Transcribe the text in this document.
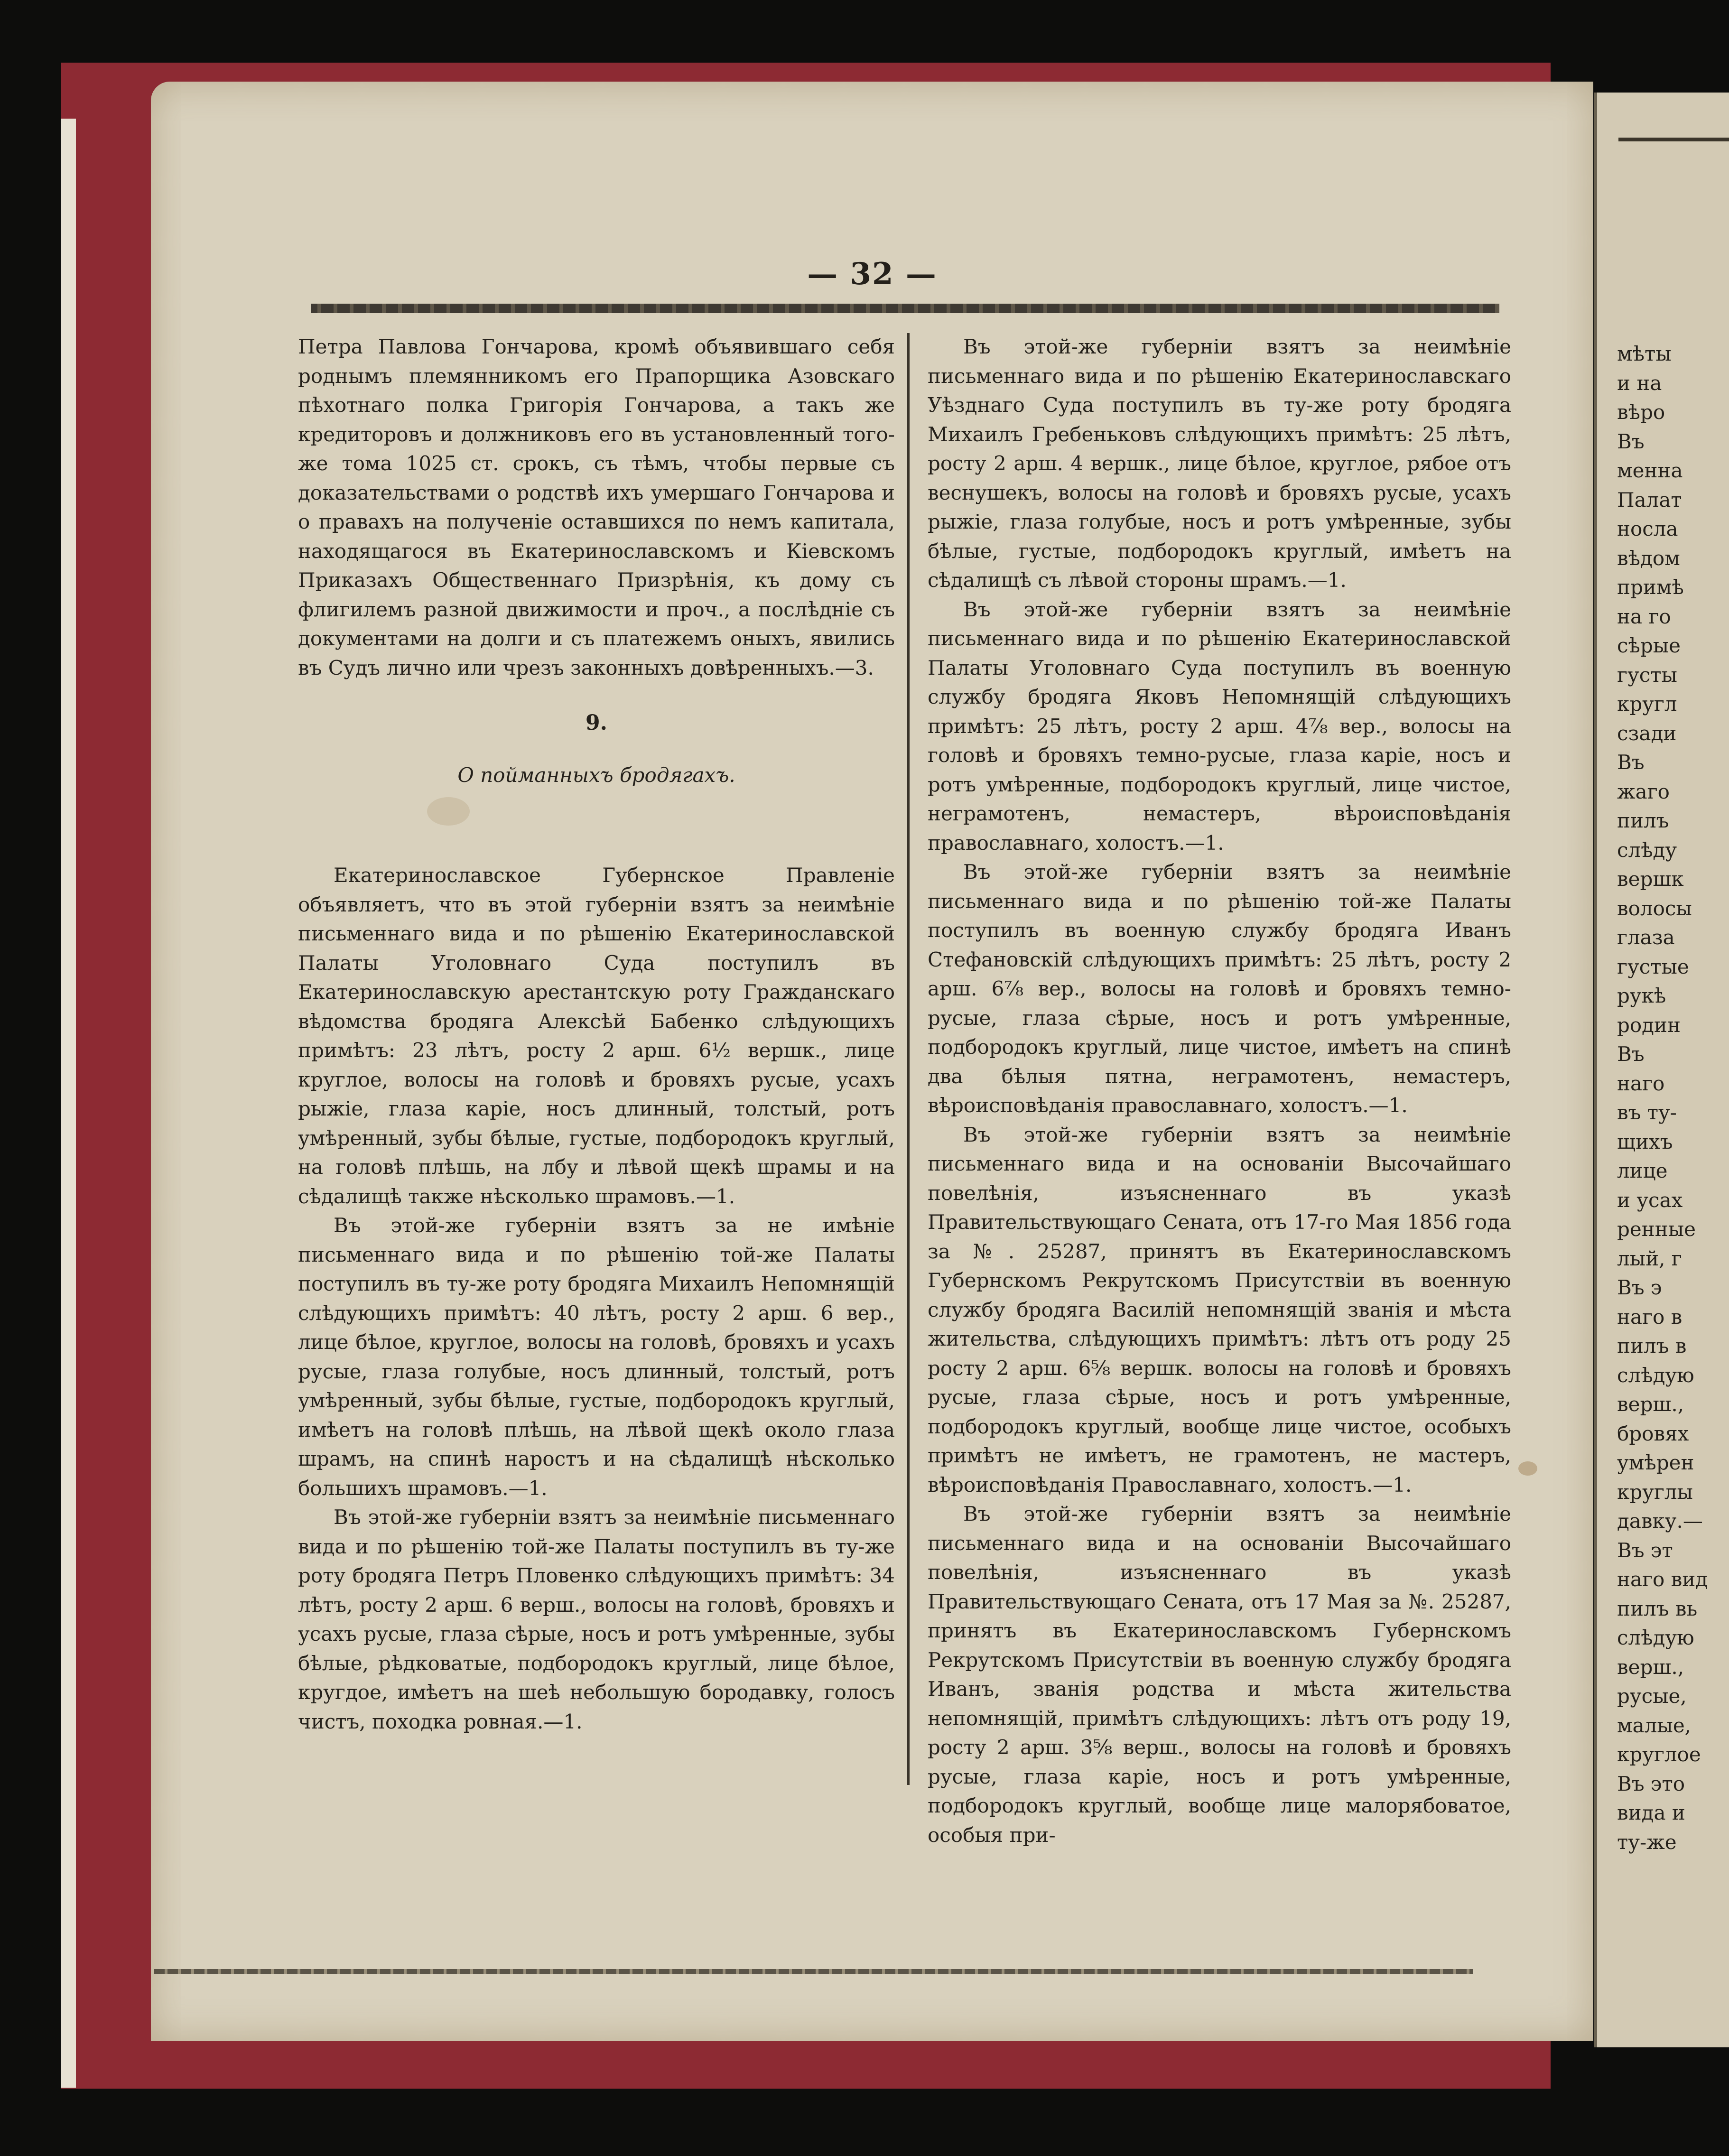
мѣты
и на
вѣро
Въ
менна
Палат
носла
вѣдом
примѣ
на го
сѣрые
густы
кругл
сзади
Въ
жаго
пилъ
слѣду
вершк
волосы
глаза
густые
рукѣ
родин
Въ
наго
въ ту-
щихъ
лице
и усах
ренные
лый, г
Въ э
наго в
пилъ в
слѣдую
верш.,
бровях
умѣрен
круглы
давку.—
Въ эт
наго вид
пилъ вь
слѣдую
верш.,
русые,
малые,
круглое
Въ это
вида и
ту-же
— 32 —

Петра Павлова Гончарова, кромѣ объявившаго себя роднымъ племянникомъ его Прапорщика Азовскаго пѣхотнаго полка Григорія Гончарова, а такъ же кредиторовъ и должниковъ его въ установленный того-же тома 1025 ст. срокъ, съ тѣмъ, чтобы первые съ доказательствами о родствѣ ихъ умершаго Гончарова и о правахъ на полученіе оставшихся по немъ капитала, находящагося въ Екатеринославскомъ и Кіевскомъ Приказахъ Общественнаго Призрѣнія, къ дому съ флигилемъ разной движимости и проч., а послѣдніе съ документами на долги и съ платежемъ оныхъ, явились въ Судъ лично или чрезъ законныхъ довѣренныхъ.—3.

9.

О пойманныхъ бродягахъ.

Екатеринославское Губернское Правленіе объявляетъ, что въ этой губерніи взятъ за неимѣніе письменнаго вида и по рѣшенію Екатеринославской Палаты Уголовнаго Суда поступилъ въ Екатеринославскую арестантскую роту Гражданскаго вѣдомства бродяга Алексѣй Бабенко слѣдующихъ примѣтъ: 23 лѣтъ, росту 2 арш. 6½ вершк., лице круглое, волосы на головѣ и бровяхъ русые, усахъ рыжіе, глаза каріе, носъ длинный, толстый, ротъ умѣренный, зубы бѣлые, густые, подбородокъ круглый, на головѣ плѣшь, на лбу и лѣвой щекѣ шрамы и на сѣдалищѣ также нѣсколько шрамовъ.—1.

Въ этой-же губерніи взятъ за не имѣніе письменнаго вида и по рѣшенію той-же Палаты поступилъ въ ту-же роту бродяга Михаилъ Непомнящій слѣдующихъ примѣтъ: 40 лѣтъ, росту 2 арш. 6 вер., лице бѣлое, круглое, волосы на головѣ, бровяхъ и усахъ русые, глаза голубые, носъ длинный, толстый, ротъ умѣренный, зубы бѣлые, густые, подбородокъ круглый, имѣетъ на головѣ плѣшь, на лѣвой щекѣ около глаза шрамъ, на спинѣ наростъ и на сѣдалищѣ нѣсколько большихъ шрамовъ.—1.

Въ этой-же губерніи взятъ за неимѣніе письменнаго вида и по рѣшенію той-же Палаты поступилъ въ ту-же роту бродяга Петръ Пловенко слѣдующихъ примѣтъ: 34 лѣтъ, росту 2 арш. 6 верш., волосы на головѣ, бровяхъ и усахъ русые, глаза сѣрые, носъ и ротъ умѣренные, зубы бѣлые, рѣдковатые, подбородокъ круглый, лице бѣлое, кругдое, имѣетъ на шеѣ небольшую бородавку, голосъ чистъ, походка ровная.—1.

Въ этой-же губерніи взятъ за неимѣніе письменнаго вида и по рѣшенію Екатеринославскаго Уѣзднаго Суда поступилъ въ ту-же роту бродяга Михаилъ Гребеньковъ слѣдующихъ примѣтъ: 25 лѣтъ, росту 2 арш. 4 вершк., лице бѣлое, круглое, рябое отъ веснушекъ, волосы на головѣ и бровяхъ русые, усахъ рыжіе, глаза голубые, носъ и ротъ умѣренные, зубы бѣлые, густые, подбородокъ круглый, имѣетъ на сѣдалищѣ съ лѣвой стороны шрамъ.—1.

Въ этой-же губерніи взятъ за неимѣніе письменнаго вида и по рѣшенію Екатеринославской Палаты Уголовнаго Суда поступилъ въ военную службу бродяга Яковъ Непомнящій слѣдующихъ примѣтъ: 25 лѣтъ, росту 2 арш. 4⅞ вер., волосы на головѣ и бровяхъ темно-русые, глаза каріе, носъ и ротъ умѣренные, подбородокъ круглый, лице чистое, неграмотенъ, немастеръ, вѣроисповѣданія православнаго, холостъ.—1.

Въ этой-же губерніи взятъ за неимѣніе письменнаго вида и по рѣшенію той-же Палаты поступилъ въ военную службу бродяга Иванъ Стефановскій слѣдующихъ примѣтъ: 25 лѣтъ, росту 2 арш. 6⅞ вер., волосы на головѣ и бровяхъ темно-русые, глаза сѣрые, носъ и ротъ умѣренные, подбородокъ круглый, лице чистое, имѣетъ на спинѣ два бѣлыя пятна, неграмотенъ, немастеръ, вѣроисповѣданія православнаго, холостъ.—1.

Въ этой-же губерніи взятъ за неимѣніе письменнаго вида и на основаніи Высочайшаго повелѣнія, изъясненнаго въ указѣ Правительствующаго Сената, отъ 17-го Мая 1856 года за №. 25287, принятъ въ Екатеринославскомъ Губернскомъ Рекрутскомъ Присутствіи въ военную службу бродяга Василій непомнящій званія и мѣста жительства, слѣдующихъ примѣтъ: лѣтъ отъ роду 25 росту 2 арш. 6⅝ вершк. волосы на головѣ и бровяхъ русые, глаза сѣрые, носъ и ротъ умѣренные, подбородокъ круглый, вообще лице чистое, особыхъ примѣтъ не имѣетъ, не грамотенъ, не мастеръ, вѣроисповѣданія Православнаго, холостъ.—1.

Въ этой-же губерніи взятъ за неимѣніе письменнаго вида и на основаніи Высочайшаго повелѣнія, изъясненнаго въ указѣ Правительствующаго Сената, отъ 17 Мая за №. 25287, принятъ въ Екатеринославскомъ Губернскомъ Рекрутскомъ Присутствіи въ военную службу бродяга Иванъ, званія родства и мѣста жительства непомнящій, примѣтъ слѣдующихъ: лѣтъ отъ роду 19, росту 2 арш. 3⅝ верш., волосы на головѣ и бровяхъ русые, глаза каріе, носъ и ротъ умѣренные, подбородокъ круглый, вообще лице малорябоватое, особыя при-
